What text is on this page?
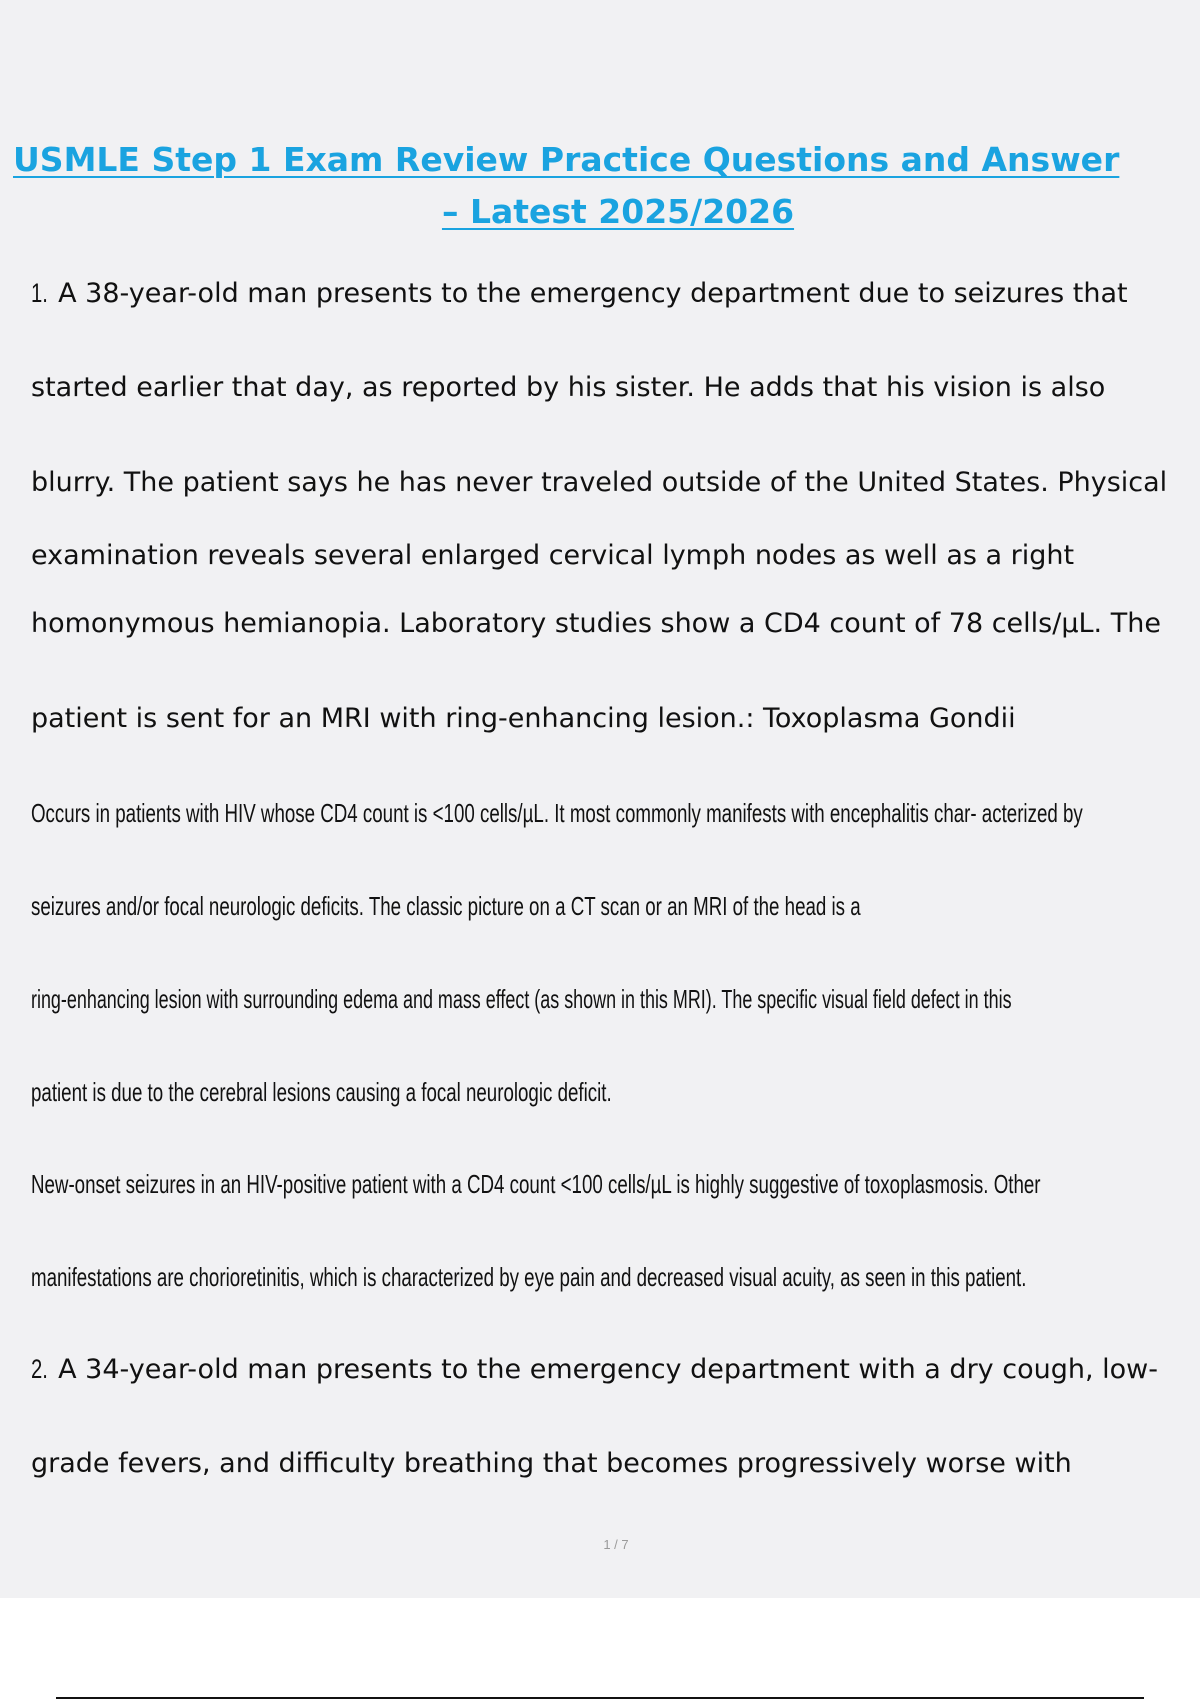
USMLE Step 1 Exam Review Practice Questions and Answer
– Latest 2025/2026
1. A 38-year-old man presents to the emergency department due to seizures that
started earlier that day, as reported by his sister. He adds that his vision is also
blurry. The patient says he has never traveled outside of the United States. Physical
examination reveals several enlarged cervical lymph nodes as well as a right
homonymous hemianopia. Laboratory studies show a CD4 count of 78 cells/µL. The
patient is sent for an MRI with ring-enhancing lesion.: Toxoplasma Gondii
Occurs in patients with HIV whose CD4 count is <100 cells/µL. It most commonly manifests with encephalitis char- acterized by
seizures and/or focal neurologic deficits. The classic picture on a CT scan or an MRI of the head is a
ring-enhancing lesion with surrounding edema and mass effect (as shown in this MRI). The specific visual field defect in this
patient is due to the cerebral lesions causing a focal neurologic deficit.
New-onset seizures in an HIV-positive patient with a CD4 count <100 cells/µL is highly suggestive of toxoplasmosis. Other
manifestations are chorioretinitis, which is characterized by eye pain and decreased visual acuity, as seen in this patient.
2. A 34-year-old man presents to the emergency department with a dry cough, low-
grade fevers, and difficulty breathing that becomes progressively worse with
1 / 7
